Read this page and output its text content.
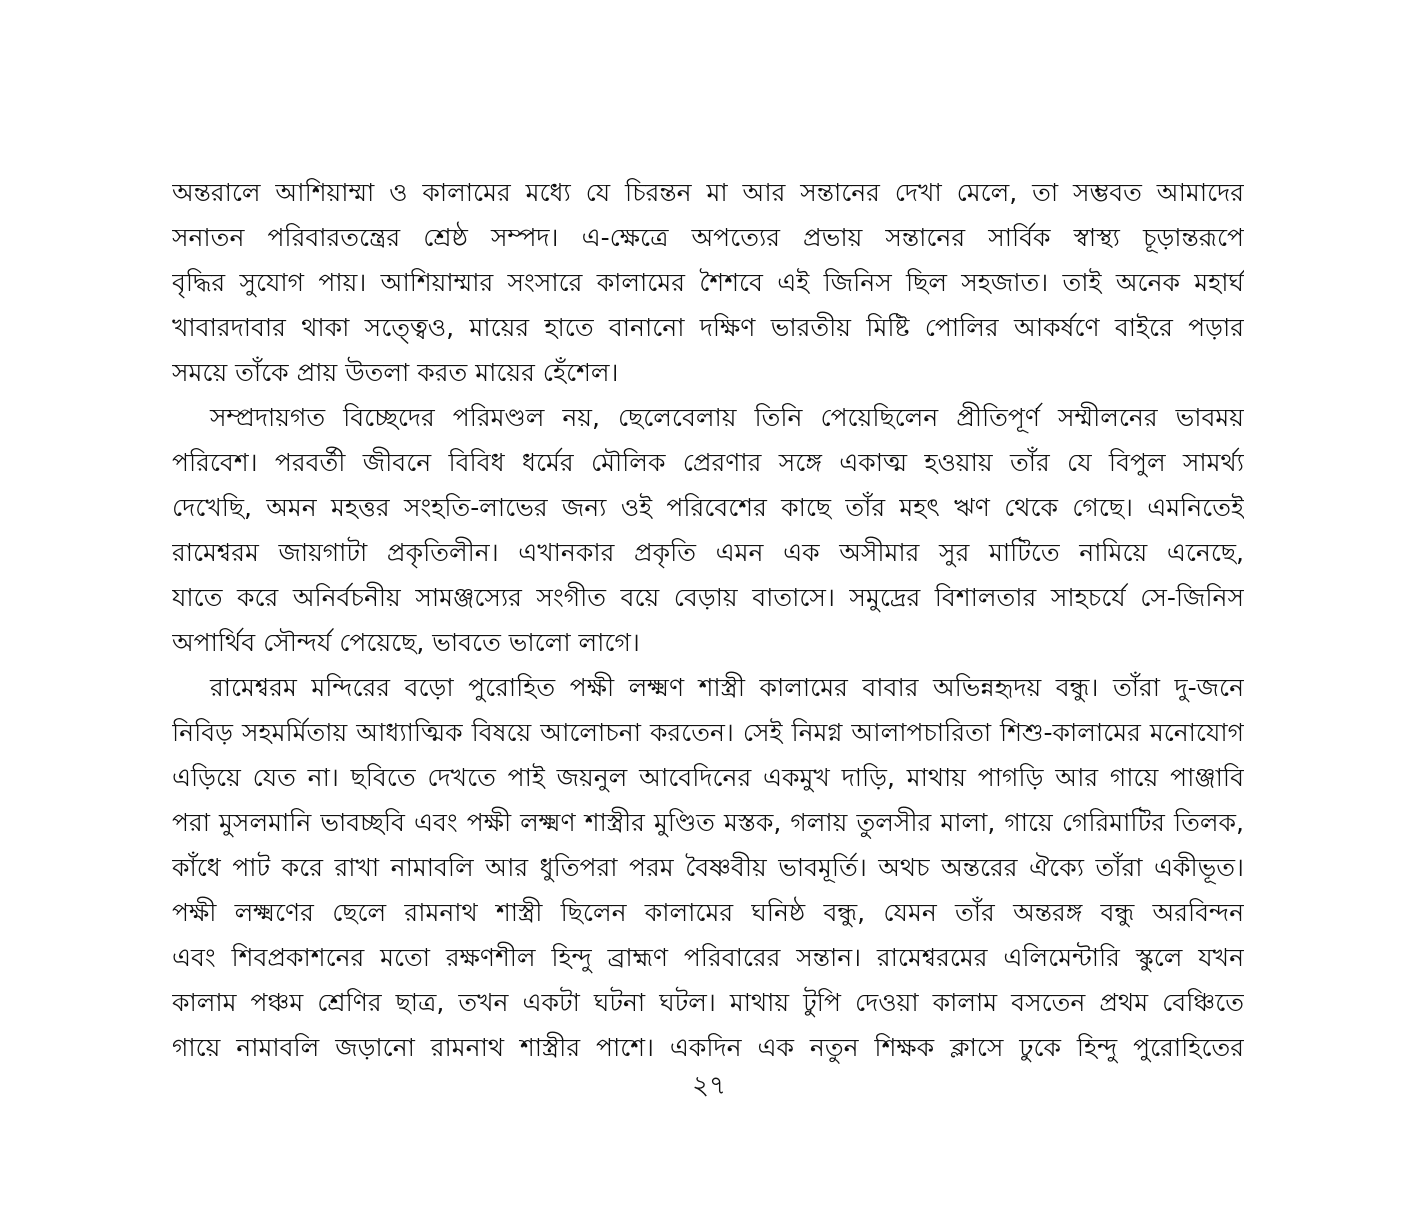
অন্তরালে আশিয়াম্মা ও কালামের মধ্যে যে চিরন্তন মা আর সন্তানের দেখা মেলে, তা সম্ভবত আমাদের
সনাতন পরিবারতন্ত্রের শ্রেষ্ঠ সম্পদ। এ-ক্ষেত্রে অপত্যের প্রভায় সন্তানের সার্বিক স্বাস্থ্য চূড়ান্তরূপে
বৃদ্ধির সুযোগ পায়। আশিয়াম্মার সংসারে কালামের শৈশবে এই জিনিস ছিল সহজাত। তাই অনেক মহার্ঘ
খাবারদাবার থাকা সত্ত্বেও, মায়ের হাতে বানানো দক্ষিণ ভারতীয় মিষ্টি পোলির আকর্ষণে বাইরে পড়ার
সময়ে তাঁকে প্রায় উতলা করত মায়ের হেঁশেল।

সম্প্রদায়গত বিচ্ছেদের পরিমণ্ডল নয়, ছেলেবেলায় তিনি পেয়েছিলেন প্রীতিপূর্ণ সম্মীলনের ভাবময়
পরিবেশ। পরবর্তী জীবনে বিবিধ ধর্মের মৌলিক প্রেরণার সঙ্গে একাত্ম হওয়ায় তাঁর যে বিপুল সামর্থ্য
দেখেছি, অমন মহত্তর সংহতি-লাভের জন্য ওই পরিবেশের কাছে তাঁর মহৎ ঋণ থেকে গেছে। এমনিতেই
রামেশ্বরম জায়গাটা প্রকৃতিলীন। এখানকার প্রকৃতি এমন এক অসীমার সুর মাটিতে নামিয়ে এনেছে,
যাতে করে অনির্বচনীয় সামঞ্জস্যের সংগীত বয়ে বেড়ায় বাতাসে। সমুদ্রের বিশালতার সাহচর্যে সে-জিনিস
অপার্থিব সৌন্দর্য পেয়েছে, ভাবতে ভালো লাগে।

রামেশ্বরম মন্দিরের বড়ো পুরোহিত পক্ষী লক্ষ্মণ শাস্ত্রী কালামের বাবার অভিন্নহৃদয় বন্ধু। তাঁরা দু-জনে
নিবিড় সহমর্মিতায় আধ্যাত্মিক বিষয়ে আলোচনা করতেন। সেই নিমগ্ন আলাপচারিতা শিশু-কালামের মনোযোগ
এড়িয়ে যেত না। ছবিতে দেখতে পাই জয়নুল আবেদিনের একমুখ দাড়ি, মাথায় পাগড়ি আর গায়ে পাঞ্জাবি
পরা মুসলমানি ভাবচ্ছবি এবং পক্ষী লক্ষ্মণ শাস্ত্রীর মুণ্ডিত মস্তক, গলায় তুলসীর মালা, গায়ে গেরিমাটির তিলক,
কাঁধে পাট করে রাখা নামাবলি আর ধুতিপরা পরম বৈষ্ণবীয় ভাবমূর্তি। অথচ অন্তরের ঐক্যে তাঁরা একীভূত।
পক্ষী লক্ষ্মণের ছেলে রামনাথ শাস্ত্রী ছিলেন কালামের ঘনিষ্ঠ বন্ধু, যেমন তাঁর অন্তরঙ্গ বন্ধু অরবিন্দন
এবং শিবপ্রকাশনের মতো রক্ষণশীল হিন্দু ব্রাহ্মণ পরিবারের সন্তান। রামেশ্বরমের এলিমেন্টারি স্কুলে যখন
কালাম পঞ্চম শ্রেণির ছাত্র, তখন একটা ঘটনা ঘটল। মাথায় টুপি দেওয়া কালাম বসতেন প্রথম বেঞ্চিতে
গায়ে নামাবলি জড়ানো রামনাথ শাস্ত্রীর পাশে। একদিন এক নতুন শিক্ষক ক্লাসে ঢুকে হিন্দু পুরোহিতের

২৭
